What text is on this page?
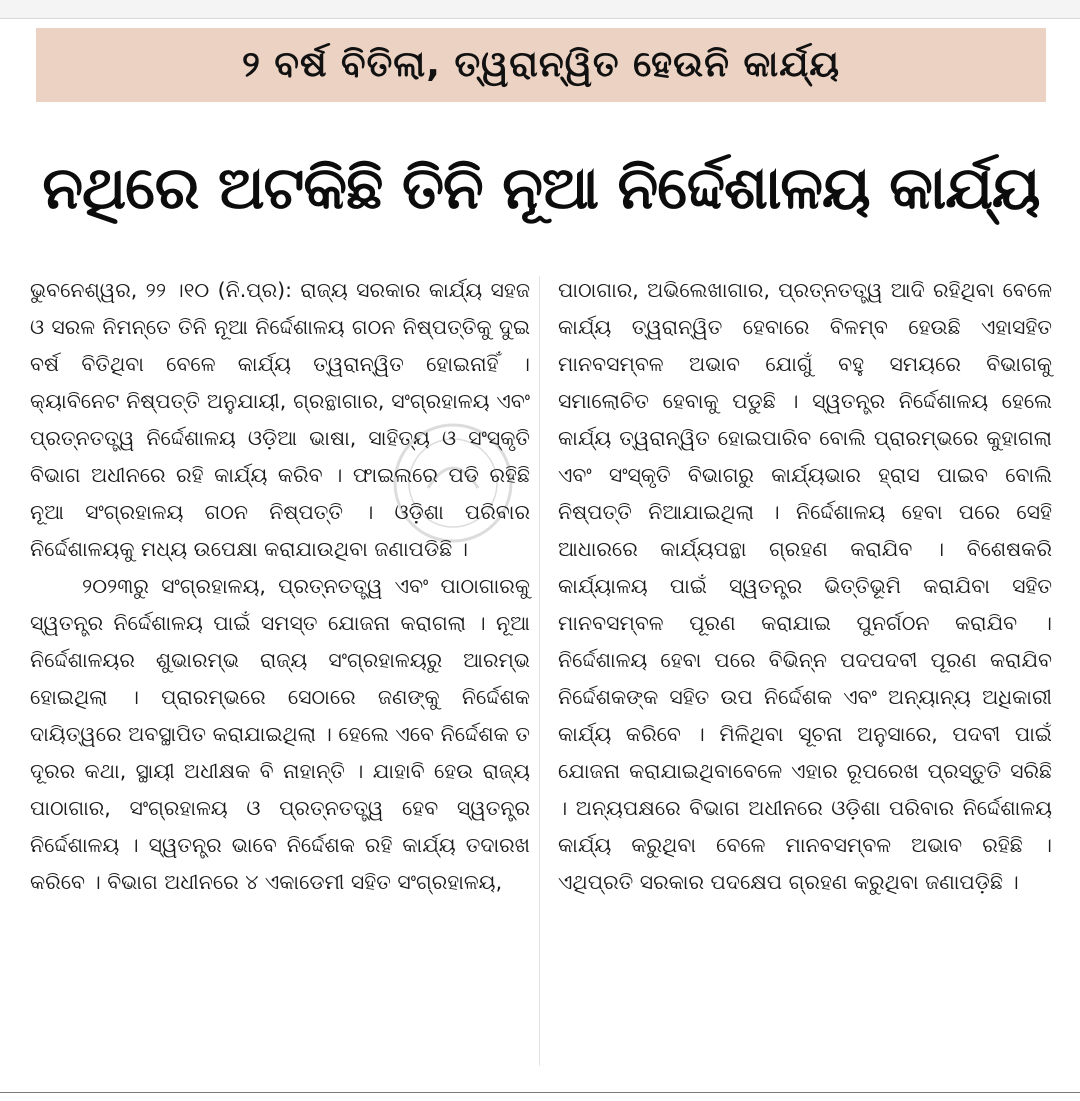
୨ ବର୍ଷ ବିତିଲା, ତ୍ୱରାନ୍ୱିତ ହେଉନି କାର୍ଯ୍ୟ
ନଥିରେ ଅଟକିଛି ତିନି ନୂଆ ନିର୍ଦ୍ଦେଶାଳୟ କାର୍ଯ୍ୟ

ଭୁବନେଶ୍ୱର, ୨୨ ।୧୦ (ନି.ପ୍ର): ରାଜ୍ୟ ସରକାର କାର୍ଯ୍ୟ ସହଜ ଓ ସରଳ ନିମନ୍ତେ ତିନି ନୂଆ ନିର୍ଦ୍ଦେଶାଳୟ ଗଠନ ନିଷ୍ପତ୍ତିକୁ ଦୁଇ ବର୍ଷ ବିତିଥିବା ବେଳେ କାର୍ଯ୍ୟ ତ୍ୱରାନ୍ୱିତ ହୋଇନାହିଁ । କ୍ୟାବିନେଟ ନିଷ୍ପତ୍ତି ଅନୁଯାୟୀ, ଗ୍ରନ୍ଥାଗାର, ସଂଗ୍ରହାଳୟ ଏବଂ ପ୍ରତ୍ନତତ୍ତ୍ୱ ନିର୍ଦ୍ଦେଶାଳୟ ଓଡ଼ିଆ ଭାଷା, ସାହିତ୍ୟ ଓ ସଂସ୍କୃତି ବିଭାଗ ଅଧୀନରେ ରହି କାର୍ଯ୍ୟ କରିବ । ଫାଇଲରେ ପଡି ରହିଛି ନୂଆ ସଂଗ୍ରହାଳୟ ଗଠନ ନିଷ୍ପତ୍ତି । ଓଡ଼ିଶା ପରିବାର ନିର୍ଦ୍ଦେଶାଳୟକୁ ମଧ୍ୟ ଉପେକ୍ଷା କରାଯାଉଥିବା ଜଣାପଡିଛି ।

୨୦୨୩ରୁ ସଂଗ୍ରହାଳୟ, ପ୍ରତ୍ନତତ୍ତ୍ୱ ଏବଂ ପାଠାଗାରକୁ ସ୍ୱତନ୍ତ୍ର ନିର୍ଦ୍ଦେଶାଳୟ ପାଇଁ ସମସ୍ତ ଯୋଜନା କରାଗଲା । ନୂଆ ନିର୍ଦ୍ଦେଶାଳୟର ଶୁଭାରମ୍ଭ ରାଜ୍ୟ ସଂଗ୍ରହାଳୟରୁ ଆରମ୍ଭ ହୋଇଥିଲା । ପ୍ରାରମ୍ଭରେ ସେଠାରେ ଜଣଙ୍କୁ ନିର୍ଦ୍ଦେଶକ ଦାୟିତ୍ୱରେ ଅବସ୍ଥାପିତ କରାଯାଇଥିଲା । ହେଲେ ଏବେ ନିର୍ଦ୍ଦେଶକ ତ ଦୂରର କଥା, ସ୍ଥାୟୀ ଅଧୀକ୍ଷକ ବି ନାହାନ୍ତି । ଯାହାବି ହେଉ ରାଜ୍ୟ ପାଠାଗାର, ସଂଗ୍ରହାଳୟ ଓ ପ୍ରତ୍ନତତ୍ତ୍ୱ ହେବ ସ୍ୱତନ୍ତ୍ର ନିର୍ଦ୍ଦେଶାଳୟ । ସ୍ୱତନ୍ତ୍ର ଭାବେ ନିର୍ଦ୍ଦେଶକ ରହି କାର୍ଯ୍ୟ ତଦାରଖ କରିବେ । ବିଭାଗ ଅଧୀନରେ ୪ ଏକାଡେମୀ ସହିତ ସଂଗ୍ରହାଳୟ,

ପାଠାଗାର, ଅଭିଲେଖାଗାର, ପ୍ରତ୍ନତତ୍ତ୍ୱ ଆଦି ରହିଥିବା ବେଳେ କାର୍ଯ୍ୟ ତ୍ୱରାନ୍ୱିତ ହେବାରେ ବିଳମ୍ବ ହେଉଛି ଏହାସହିତ ମାନବସମ୍ବଳ ଅଭାବ ଯୋଗୁଁ ବହୁ ସମୟରେ ବିଭାଗକୁ ସମାଲୋଚିତ ହେବାକୁ ପଡୁଛି । ସ୍ୱତନ୍ତ୍ର ନିର୍ଦ୍ଦେଶାଳୟ ହେଲେ କାର୍ଯ୍ୟ ତ୍ୱରାନ୍ୱିତ ହୋଇପାରିବ ବୋଲି ପ୍ରାରମ୍ଭରେ କୁହାଗଲା ଏବଂ ସଂସ୍କୃତି ବିଭାଗରୁ କାର୍ଯ୍ୟଭାର ହ୍ରାସ ପାଇବ ବୋଲି ନିଷ୍ପତ୍ତି ନିଆଯାଇଥିଲା । ନିର୍ଦ୍ଦେଶାଳୟ ହେବା ପରେ ସେହି ଆଧାରରେ କାର୍ଯ୍ୟପନ୍ଥା ଗ୍ରହଣ କରାଯିବ । ବିଶେଷକରି କାର୍ଯ୍ୟାଳୟ ପାଇଁ ସ୍ୱତନ୍ତ୍ର ଭିତ୍ତିଭୂମି କରାଯିବା ସହିତ ମାନବସମ୍ବଳ ପୂରଣ କରାଯାଇ ପୁନର୍ଗଠନ କରାଯିବ । ନିର୍ଦ୍ଦେଶାଳୟ ହେବା ପରେ ବିଭିନ୍ନ ପଦପଦବୀ ପୂରଣ କରାଯିବ ନିର୍ଦ୍ଦେଶକଙ୍କ ସହିତ ଉପ ନିର୍ଦ୍ଦେଶକ ଏବଂ ଅନ୍ୟାନ୍ୟ ଅଧିକାରୀ କାର୍ଯ୍ୟ କରିବେ । ମିଳିଥିବା ସୂଚନା ଅନୁସାରେ, ପଦବୀ ପାଇଁ ଯୋଜନା କରାଯାଇଥିବାବେଳେ ଏହାର ରୂପରେଖ ପ୍ରସ୍ତୁତି ସରିଛି । ଅନ୍ୟପକ୍ଷରେ ବିଭାଗ ଅଧୀନରେ ଓଡ଼ିଶା ପରିବାର ନିର୍ଦ୍ଦେଶାଳୟ କାର୍ଯ୍ୟ କରୁଥିବା ବେଳେ ମାନବସମ୍ବଳ ଅଭାବ ରହିଛି । ଏଥିପ୍ରତି ସରକାର ପଦକ୍ଷେପ ଗ୍ରହଣ କରୁଥିବା ଜଣାପଡ଼ିଛି ।
